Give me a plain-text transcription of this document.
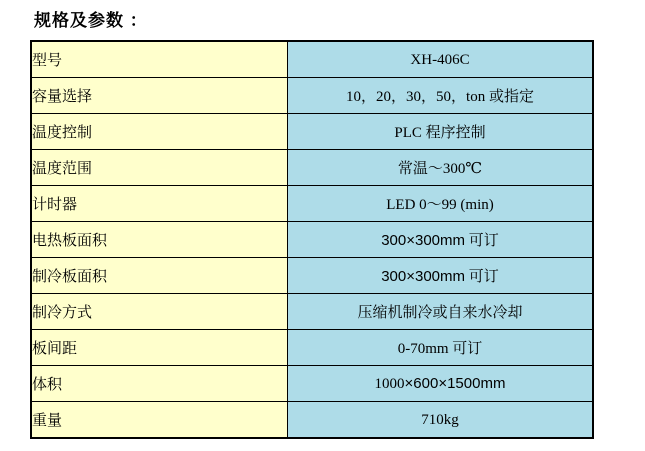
规格及参数 ：
型号	XH-406C
容量选择	10，20，30，50，ton 或指定
温度控制	PLC 程序控制
温度范围	常温～300℃
计时器	LED 0～99 (min)
电热板面积	300×300mm 可订
制冷板面积	300×300mm 可订
制冷方式	压缩机制冷或自来水冷却
板间距	0-70mm 可订
体积	1000×600×1500mm
重量	710kg
